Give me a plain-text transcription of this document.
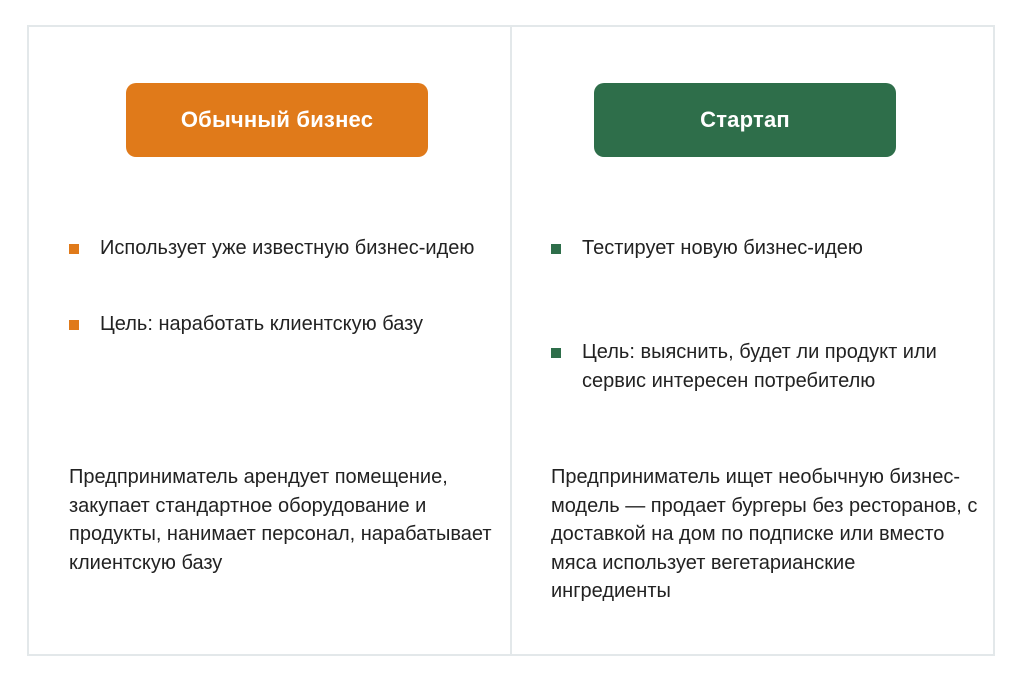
Обычный бизнес
Использует уже известную бизнес-идею
Цель: наработать клиентскую базу

Предприниматель арендует помещение, закупает стандартное оборудование и продукты, нанимает персонал, нарабатывает клиентскую базу

Стартап
Тестирует новую бизнес-идею
Цель: выяснить, будет ли продукт или сервис интересен потребителю

Предприниматель ищет необычную бизнес-модель — продает бургеры без ресторанов, с доставкой на дом по подписке или вместо мяса использует вегетарианские ингредиенты
